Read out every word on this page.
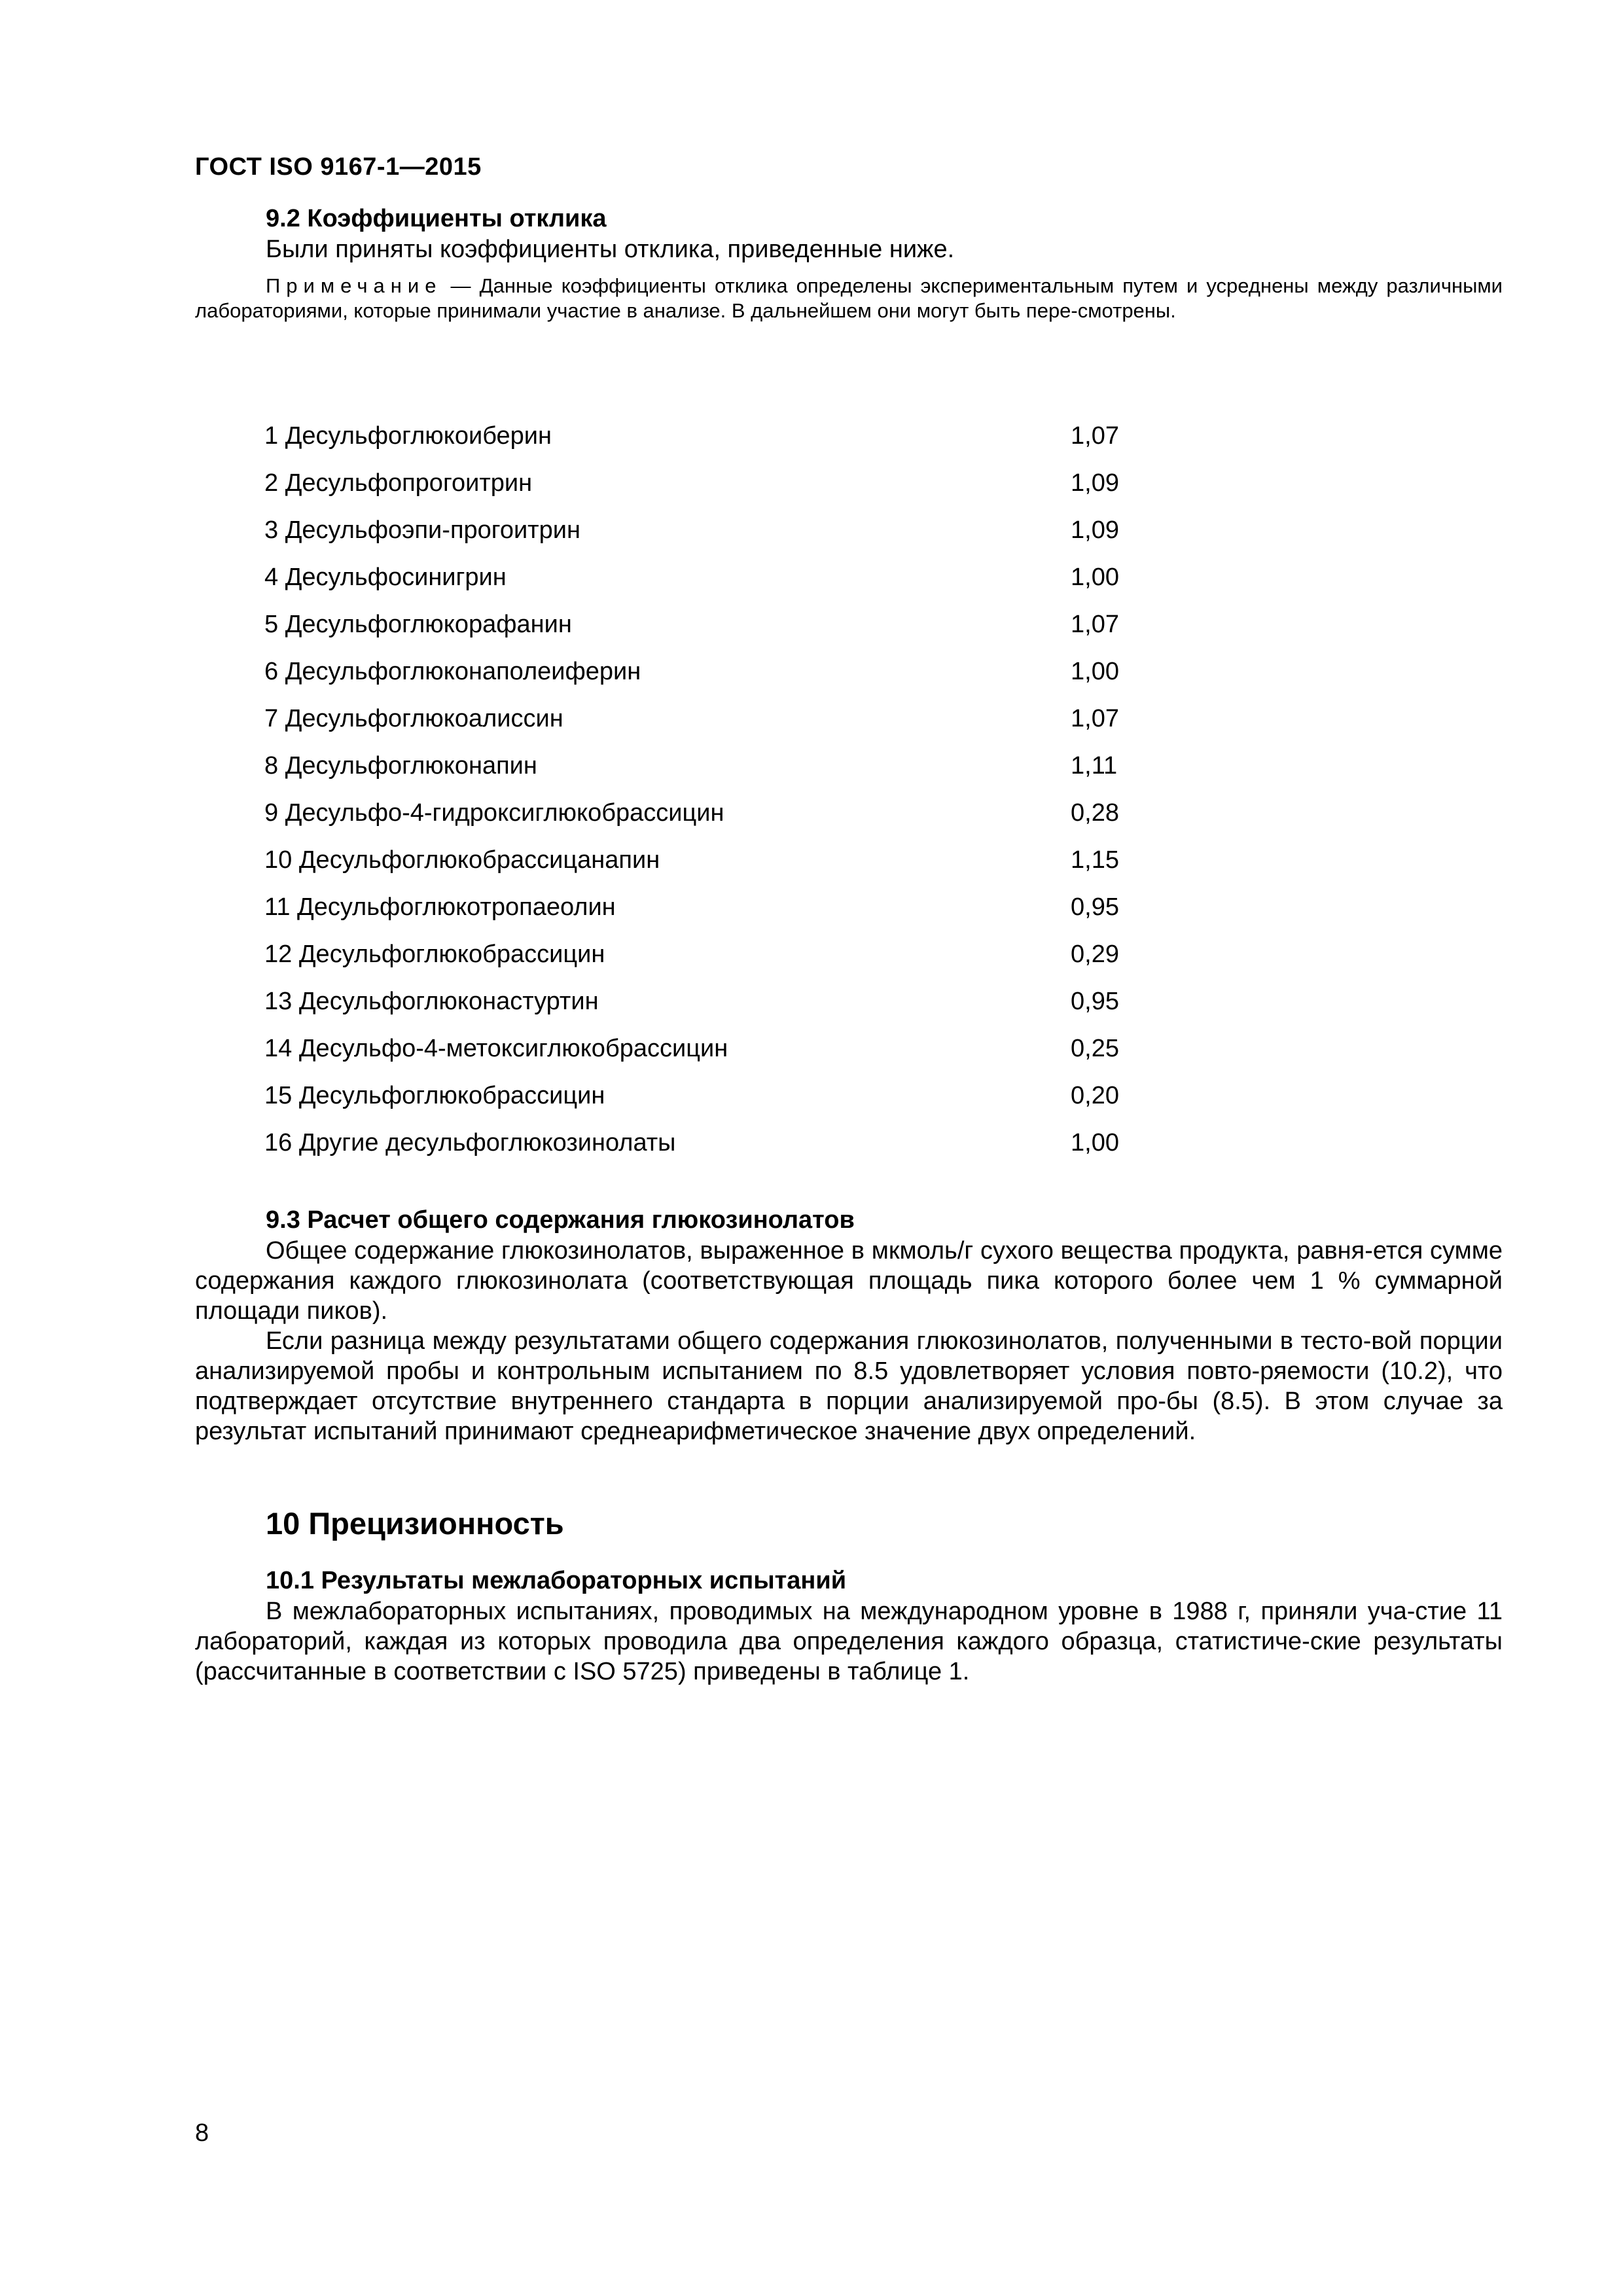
ГОСТ ISO 9167-1—2015
9.2 Коэффициенты отклика

Были приняты коэффициенты отклика, приведенные ниже.

Примечание — Данные коэффициенты отклика определены экспериментальным путем и усреднены между различными лабораториями, которые принимали участие в анализе. В дальнейшем они могут быть пере-смотрены.

1 Десульфоглюкоиберин	1,07
2 Десульфопрогоитрин	1,09
3 Десульфоэпи-прогоитрин	1,09
4 Десульфосинигрин	1,00
5 Десульфоглюкорафанин	1,07
6 Десульфоглюконаполеиферин	1,00
7 Десульфоглюкоалиссин	1,07
8 Десульфоглюконапин	1,11
9 Десульфо-4-гидроксиглюкобрассицин	0,28
10 Десульфоглюкобрассицанапин	1,15
11 Десульфоглюкотропаеолин	0,95
12 Десульфоглюкобрассицин	0,29
13 Десульфоглюконастуртин	0,95
14 Десульфо-4-метоксиглюкобрассицин	0,25
15 Десульфоглюкобрассицин	0,20
16 Другие десульфоглюкозинолаты	1,00
9.3 Расчет общего содержания глюкозинолатов

Общее содержание глюкозинолатов, выраженное в мкмоль/г сухого вещества продукта, равня-ется сумме содержания каждого глюкозинолата (соответствующая площадь пика которого более чем 1 % суммарной площади пиков).

Если разница между результатами общего содержания глюкозинолатов, полученными в тесто-вой порции анализируемой пробы и контрольным испытанием по 8.5 удовлетворяет условия повто-ряемости (10.2), что подтверждает отсутствие внутреннего стандарта в порции анализируемой про-бы (8.5). В этом случае за результат испытаний принимают среднеарифметическое значение двух определений.

10 Прецизионность
10.1 Результаты межлабораторных испытаний

В межлабораторных испытаниях, проводимых на международном уровне в 1988 г, приняли уча-стие 11 лабораторий, каждая из которых проводила два определения каждого образца, статистиче-ские результаты (рассчитанные в соответствии с ISO 5725) приведены в таблице 1.

8
